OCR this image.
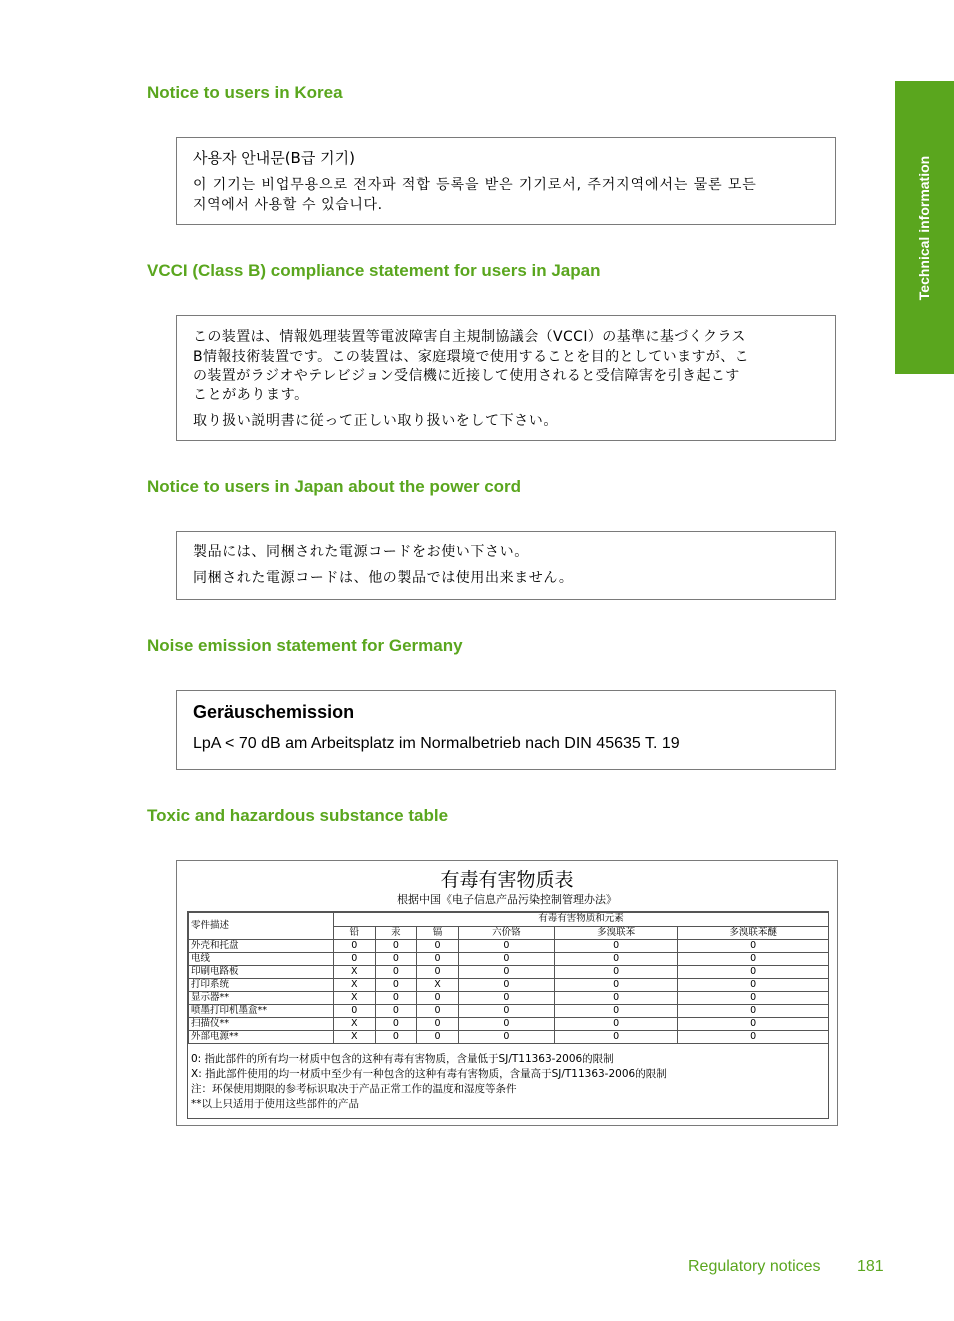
Technical information
Notice to users in Korea
사용자 안내문(B급 기기)
이 기기는 비업무용으로 전자파 적합 등록을 받은 기기로서, 주거지역에서는 물론 모든
지역에서 사용할 수 있습니다.
VCCI (Class B) compliance statement for users in Japan
この装置は、情報処理装置等電波障害自主規制協議会（VCCI）の基準に基づくクラス
B情報技術装置です。この装置は、家庭環境で使用することを目的としていますが、こ
の装置がラジオやテレビジョン受信機に近接して使用されると受信障害を引き起こす
ことがあります。
取り扱い説明書に従って正しい取り扱いをして下さい。
Notice to users in Japan about the power cord
製品には、同梱された電源コードをお使い下さい。
同梱された電源コードは、他の製品では使用出来ません。
Noise emission statement for Germany
Geräuschemission
LpA < 70 dB am Arbeitsplatz im Normalbetrieb nach DIN 45635 T. 19
Toxic and hazardous substance table
有毒有害物质表
根据中国《电子信息产品污染控制管理办法》
零件描述	有毒有害物质和元素					
	铅	汞	镉	六价铬	多溴联苯	多溴联苯醚
外壳和托盘	0	0	0	0	0	0
电线	0	0	0	0	0	0
印刷电路板	X	0	0	0	0	0
打印系统	X	0	X	0	0	0
显示器**	X	0	0	0	0	0
喷墨打印机墨盒**	0	0	0	0	0	0
扫描仪**	X	0	0	0	0	0
外部电源**	X	0	0	0	0	0
0: 指此部件的所有均一材质中包含的这种有毒有害物质，含量低于SJ/T11363-2006的限制
X: 指此部件使用的均一材质中至少有一种包含的这种有毒有害物质，含量高于SJ/T11363-2006的限制
注：环保使用期限的参考标识取决于产品正常工作的温度和湿度等条件
**以上只适用于使用这些部件的产品
Regulatory notices 181
